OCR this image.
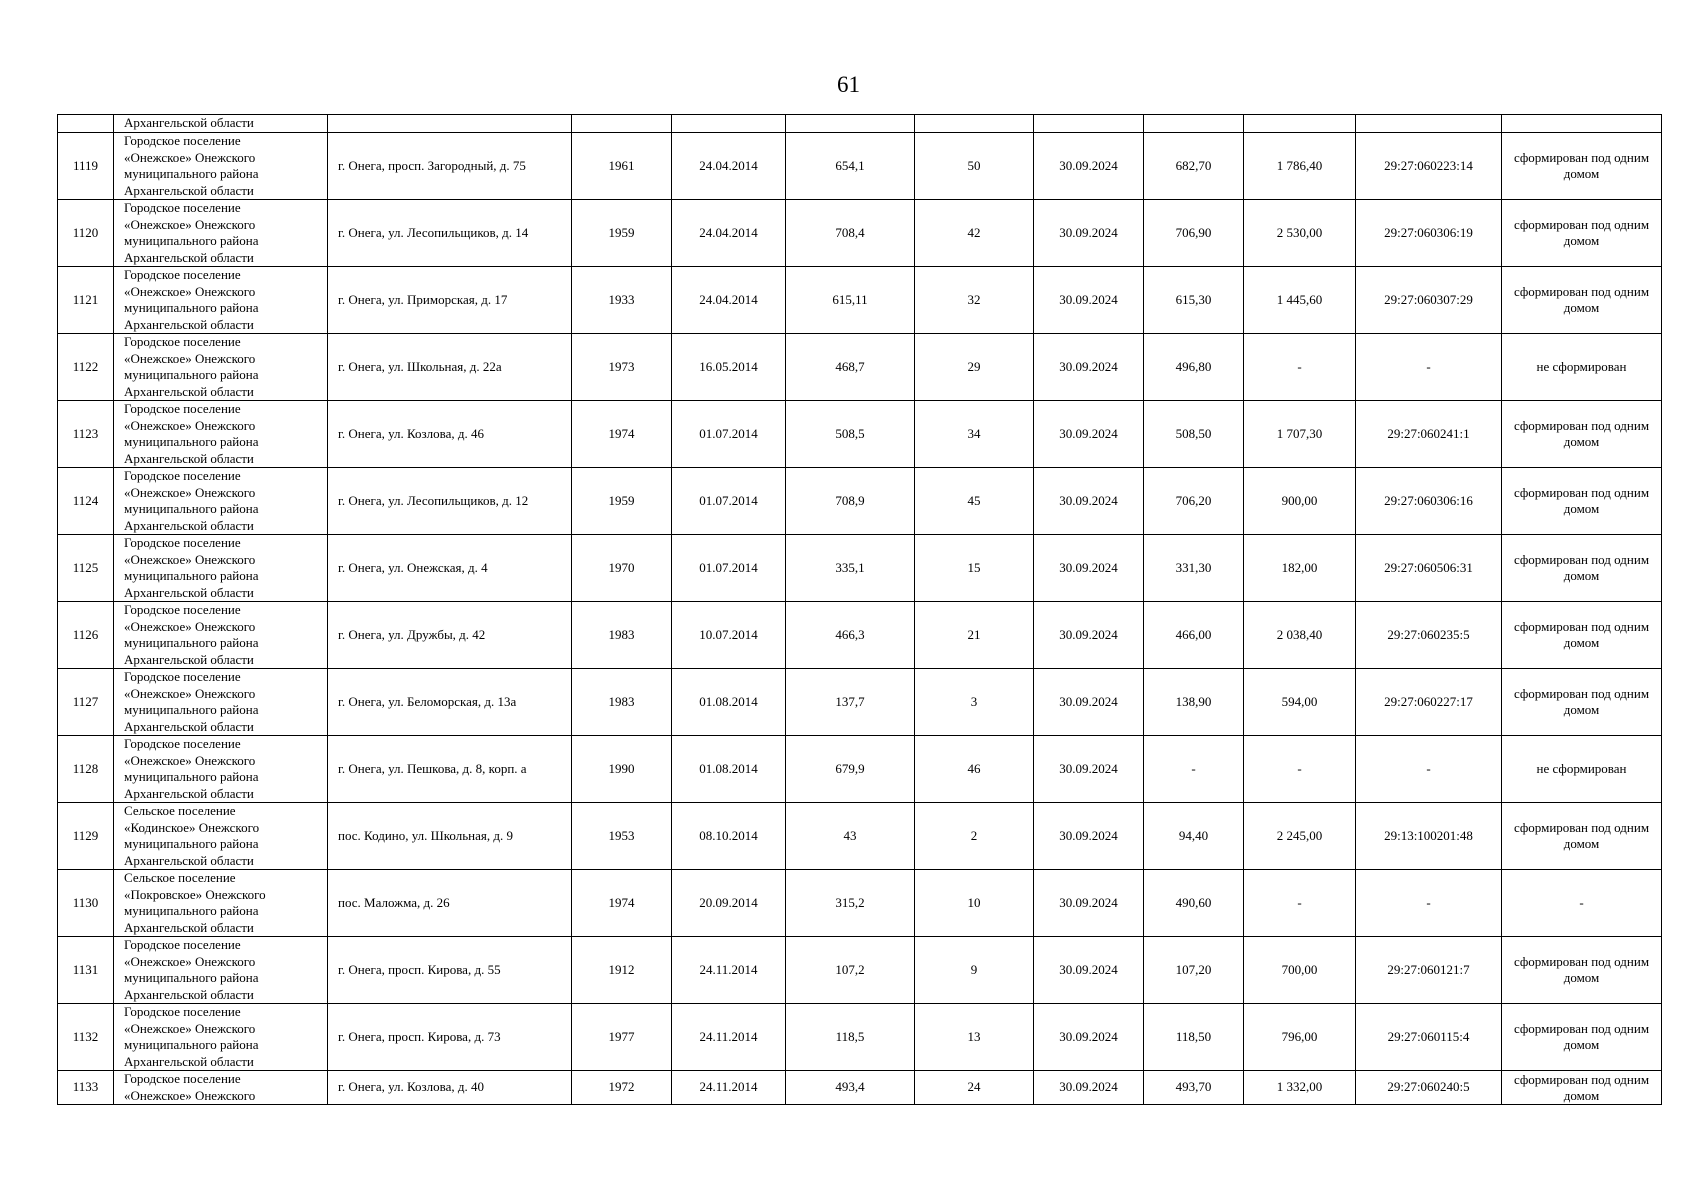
61
	Архангельской области										
1119	Городское поселение
«Онежское» Онежского
муниципального района
Архангельской области	г. Онега, просп. Загородный, д. 75	1961	24.04.2014	654,1	50	30.09.2024	682,70	1 786,40	29:27:060223:14	сформирован под одним домом

1120	Городское поселение
«Онежское» Онежского
муниципального района
Архангельской области	г. Онега, ул. Лесопильщиков, д. 14	1959	24.04.2014	708,4	42	30.09.2024	706,90	2 530,00	29:27:060306:19	сформирован под одним домом

1121	Городское поселение
«Онежское» Онежского
муниципального района
Архангельской области	г. Онега, ул. Приморская, д. 17	1933	24.04.2014	615,11	32	30.09.2024	615,30	1 445,60	29:27:060307:29	сформирован под одним домом

1122	Городское поселение
«Онежское» Онежского
муниципального района
Архангельской области	г. Онега, ул. Школьная, д. 22а	1973	16.05.2014	468,7	29	30.09.2024	496,80	-	-	не сформирован

1123	Городское поселение
«Онежское» Онежского
муниципального района
Архангельской области	г. Онега, ул. Козлова, д. 46	1974	01.07.2014	508,5	34	30.09.2024	508,50	1 707,30	29:27:060241:1	сформирован под одним домом

1124	Городское поселение
«Онежское» Онежского
муниципального района
Архангельской области	г. Онега, ул. Лесопильщиков, д. 12	1959	01.07.2014	708,9	45	30.09.2024	706,20	900,00	29:27:060306:16	сформирован под одним домом

1125	Городское поселение
«Онежское» Онежского
муниципального района
Архангельской области	г. Онега, ул. Онежская, д. 4	1970	01.07.2014	335,1	15	30.09.2024	331,30	182,00	29:27:060506:31	сформирован под одним домом

1126	Городское поселение
«Онежское» Онежского
муниципального района
Архангельской области	г. Онега, ул. Дружбы, д. 42	1983	10.07.2014	466,3	21	30.09.2024	466,00	2 038,40	29:27:060235:5	сформирован под одним домом

1127	Городское поселение
«Онежское» Онежского
муниципального района
Архангельской области	г. Онега, ул. Беломорская, д. 13а	1983	01.08.2014	137,7	3	30.09.2024	138,90	594,00	29:27:060227:17	сформирован под одним домом

1128	Городское поселение
«Онежское» Онежского
муниципального района
Архангельской области	г. Онега, ул. Пешкова, д. 8, корп. а	1990	01.08.2014	679,9	46	30.09.2024	-	-	-	не сформирован

1129	Сельское поселение
«Кодинское» Онежского
муниципального района
Архангельской области	пос. Кодино, ул. Школьная, д. 9	1953	08.10.2014	43	2	30.09.2024	94,40	2 245,00	29:13:100201:48	сформирован под одним домом

1130	Сельское поселение
«Покровское» Онежского
муниципального района
Архангельской области	пос. Маложма, д. 26	1974	20.09.2014	315,2	10	30.09.2024	490,60	-	-	-

1131	Городское поселение
«Онежское» Онежского
муниципального района
Архангельской области	г. Онега, просп. Кирова, д. 55	1912	24.11.2014	107,2	9	30.09.2024	107,20	700,00	29:27:060121:7	сформирован под одним домом

1132	Городское поселение
«Онежское» Онежского
муниципального района
Архангельской области	г. Онега, просп. Кирова, д. 73	1977	24.11.2014	118,5	13	30.09.2024	118,50	796,00	29:27:060115:4	сформирован под одним домом

1133	Городское поселение
«Онежское» Онежского	г. Онега, ул. Козлова, д. 40	1972	24.11.2014	493,4	24	30.09.2024	493,70	1 332,00	29:27:060240:5	сформирован под одним домом
